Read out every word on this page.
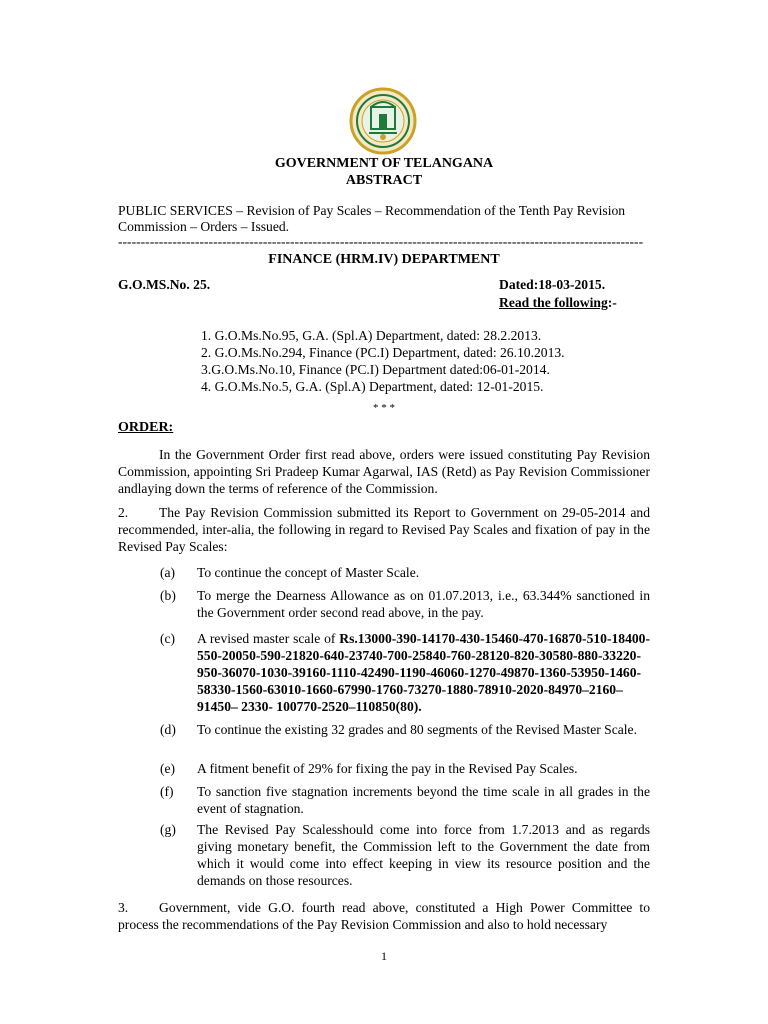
GOVERNMENT OF TELANGANA
ABSTRACT
PUBLIC SERVICES – Revision of Pay Scales – Recommendation of the Tenth Pay Revision
Commission – Orders – Issued.
--------------------------------------------------------------------------------------------------------------------
FINANCE (HRM.IV) DEPARTMENT
G.O.MS.No. 25.	Dated:18-03-2015.
Read the following:-
1. G.O.Ms.No.95, G.A. (Spl.A) Department, dated: 28.2.2013.
2. G.O.Ms.No.294, Finance (PC.I) Department, dated: 26.10.2013.
3.G.O.Ms.No.10, Finance (PC.I) Department dated:06-01-2014.
4. G.O.Ms.No.5, G.A. (Spl.A) Department, dated: 12-01-2015.
* * *
ORDER:
In the Government Order first read above, orders were issued constituting Pay Revision Commission, appointing Sri Pradeep Kumar Agarwal, IAS (Retd) as Pay Revision Commissioner andlaying down the terms of reference of the Commission.
2.	The Pay Revision Commission submitted its Report to Government on 29-05-2014 and recommended, inter-alia, the following in regard to Revised Pay Scales and fixation of pay in the Revised Pay Scales:
(a) To continue the concept of Master Scale.
(b) To merge the Dearness Allowance as on 01.07.2013, i.e., 63.344% sanctioned in the Government order second read above, in the pay.
(c) A revised master scale of Rs.13000-390-14170-430-15460-470-16870-510-18400-550-20050-590-21820-640-23740-700-25840-760-28120-820-30580-880-33220-950-36070-1030-39160-1110-42490-1190-46060-1270-49870-1360-53950-1460-58330-1560-63010-1660-67990-1760-73270-1880-78910-2020-84970–2160–91450– 2330- 100770-2520–110850(80).
(d) To continue the existing 32 grades and 80 segments of the Revised Master Scale.
(e) A fitment benefit of 29% for fixing the pay in the Revised Pay Scales.
(f) To sanction five stagnation increments beyond the time scale in all grades in the event of stagnation.
(g) The Revised Pay Scalesshould come into force from 1.7.2013 and as regards giving monetary benefit, the Commission left to the Government the date from which it would come into effect keeping in view its resource position and the demands on those resources.
3.	Government, vide G.O. fourth read above, constituted a High Power Committee to process the recommendations of the Pay Revision Commission and also to hold necessary
1
